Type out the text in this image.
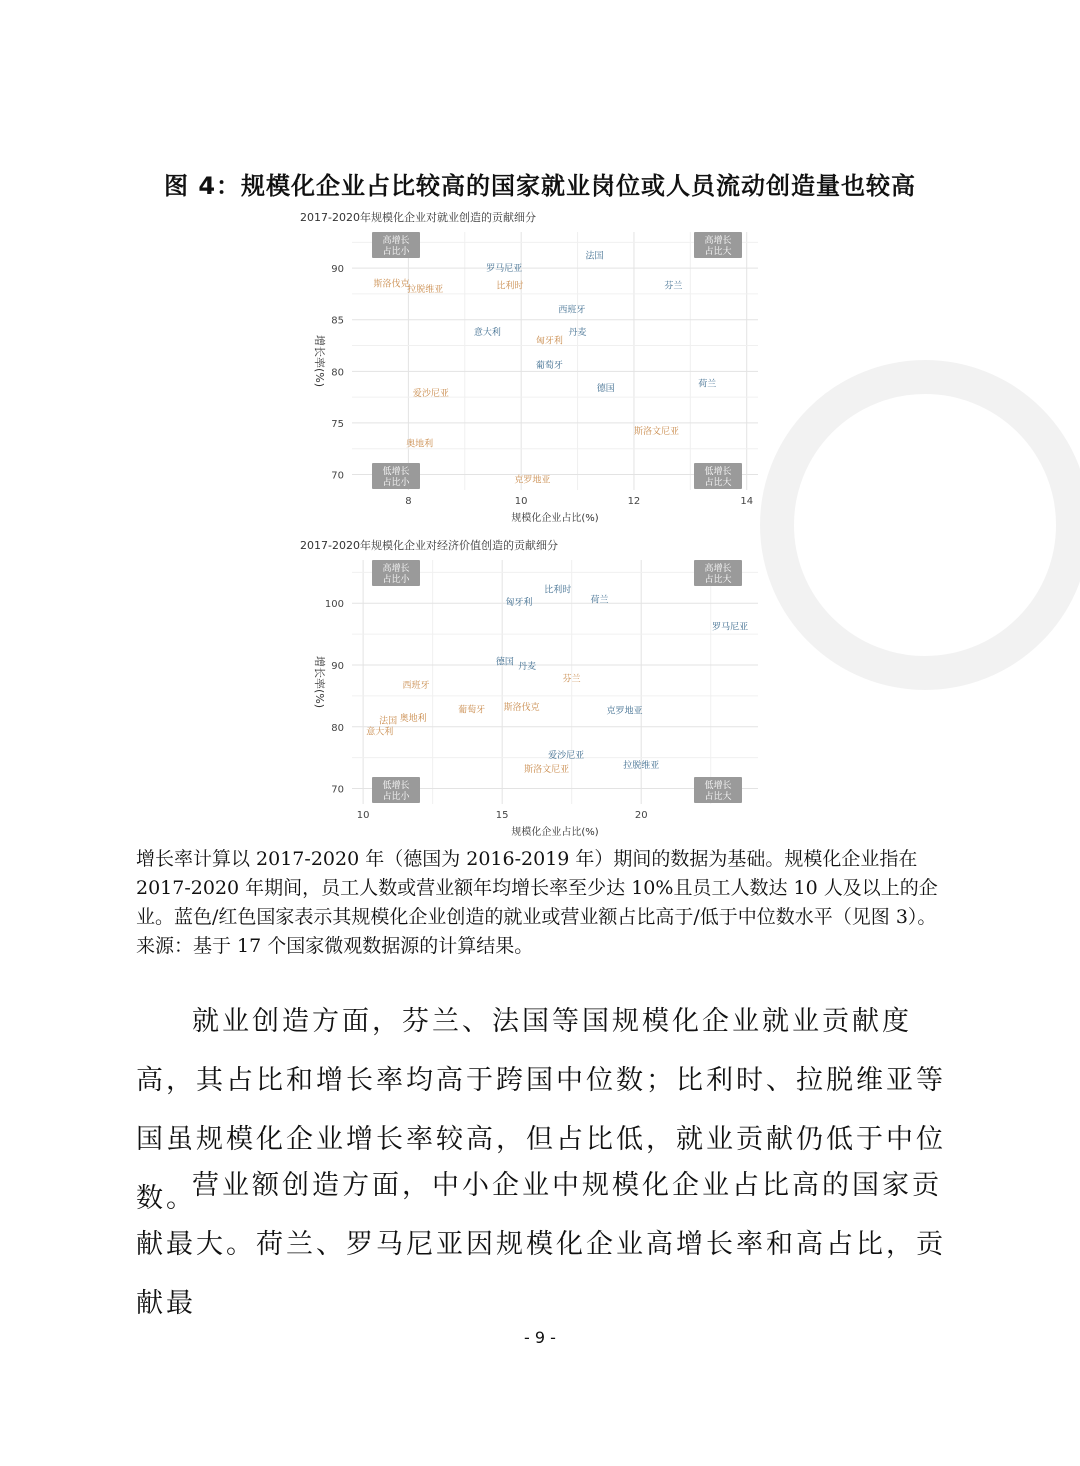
图 4：规模化企业占比较高的国家就业岗位或人员流动创造量也较高
2017-2020年规模化企业对就业创造的贡献细分
8	10	12	14
70
75
80
85
90
规模化企业占比(%)
增长率(%)
高增长
占比小
高增长
占比大
低增长
占比小
低增长
占比大
法国
罗马尼亚
斯洛伐克
拉脱维亚	比利时	芬兰
西班牙
意大利	丹麦
匈牙利
葡萄牙
荷兰
德国
爱沙尼亚
斯洛文尼亚
奥地利
克罗地亚
2017-2020年规模化企业对经济价值创造的贡献细分
10	15	20
70
80
90
100
规模化企业占比(%)
增长率(%)
高增长
占比小
高增长
占比大
低增长
占比小
低增长
占比大
比利时
荷兰
匈牙利
罗马尼亚
德国 丹麦
芬兰
西班牙
葡萄牙 斯洛伐克	克罗地亚
奥地利
法国
意大利
爱沙尼亚
拉脱维亚
斯洛文尼亚
增长率计算以 2017-2020 年（德国为 2016-2019 年）期间的数据为基础。规模化企业指在 2017-2020 年期间，员工人数或营业额年均增长率至少达 10%且员工人数达 10 人及以上的企业。蓝色/红色国家表示其规模化企业创造的就业或营业额占比高于/低于中位数水平（见图 3）。
来源：基于 17 个国家微观数据源的计算结果。
就业创造方面，芬兰、法国等国规模化企业就业贡献度高，其占比和增长率均高于跨国中位数；比利时、拉脱维亚等国虽规模化企业增长率较高，但占比低，就业贡献仍低于中位数。
营业额创造方面，中小企业中规模化企业占比高的国家贡献最大。荷兰、罗马尼亚因规模化企业高增长率和高占比，贡献最
- 9 -
